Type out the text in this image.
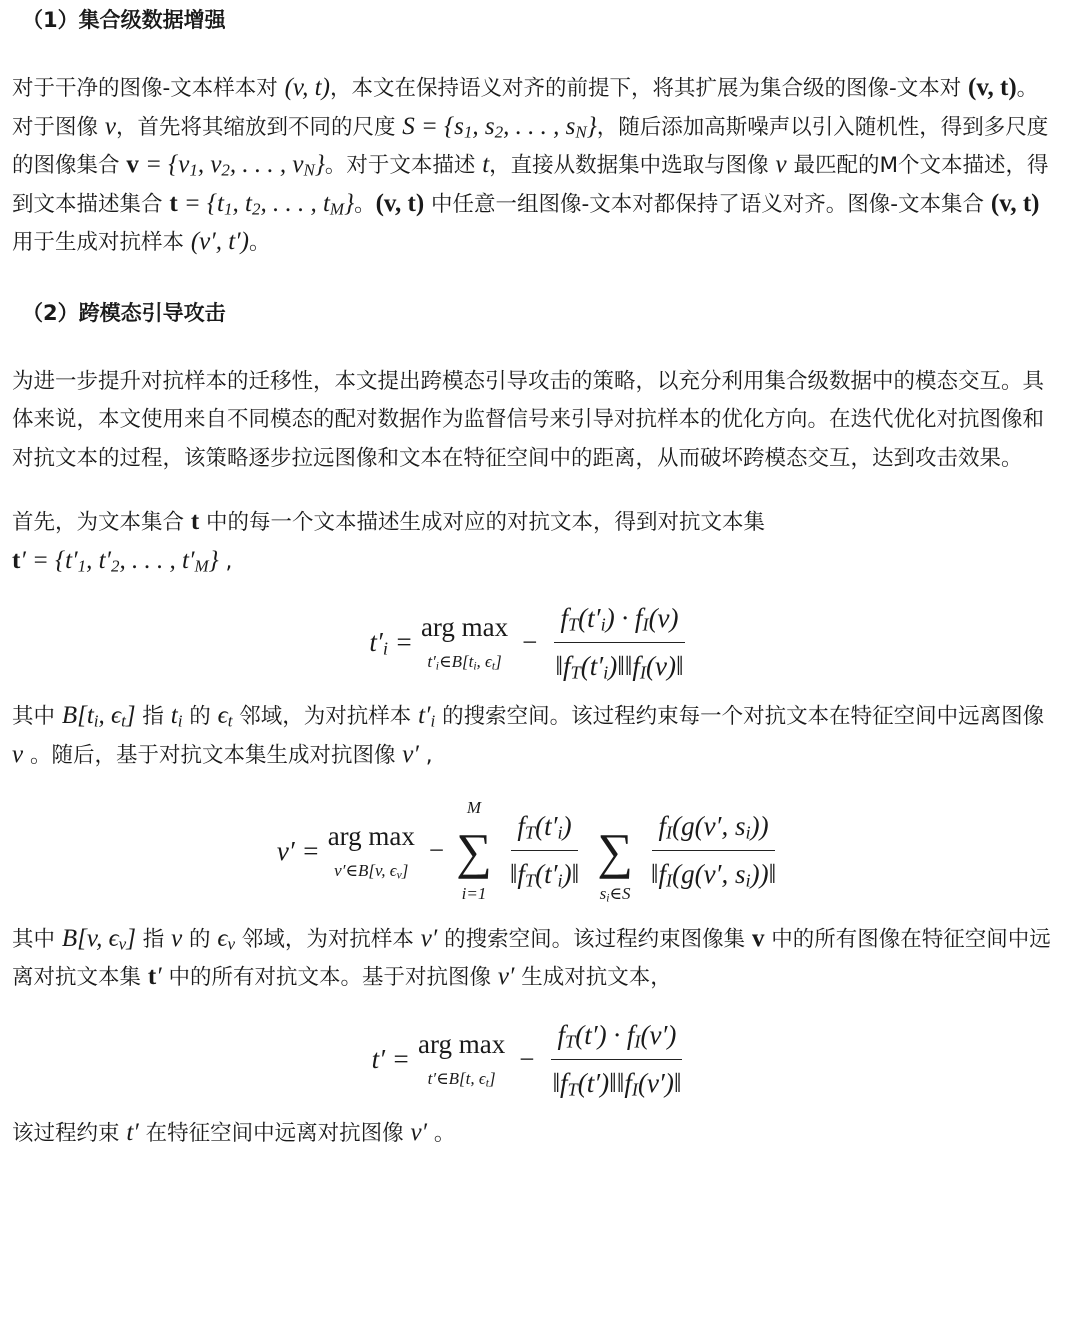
（1）集合级数据增强

对于干净的图像-文本样本对 (v, t)，本文在保持语义对齐的前提下，将其扩展为集合级的图像-文本对 (v, t)。对于图像 v，首先将其缩放到不同的尺度 $S = \{s_1$, $s_2$, . . . , $s_N$}，随后添加高斯噪声以引入随机性，得到多尺度的图像集合 $v = \{v_1$, $v_2$, . . . , $v_N$}。对于文本描述 t，直接从数据集中选取与图像 v 最匹配的M个文本描述，得到文本描述集合 $t = \{t_1$, $t_2$, . . . , $t_M$}。(v, t) 中任意一组图像-文本对都保持了语义对齐。图像-文本集合 (v, t) 用于生成对抗样本 (v′, t′)。

（2）跨模态引导攻击

为进一步提升对抗样本的迁移性，本文提出跨模态引导攻击的策略，以充分利用集合级数据中的模态交互。具体来说，本文使用来自不同模态的配对数据作为监督信号来引导对抗样本的优化方向。在迭代优化对抗图像和对抗文本的过程，该策略逐步拉远图像和文本在特征空间中的距离，从而破坏跨模态交互，达到攻击效果。

首先，为文本集合 t 中的每一个文本描述生成对应的对抗文本，得到对抗文本集
$t' = \{t'_1$, $t'_2$, . . . , $t'_M$} ,

$t'_i$ =
arg max
$t'_i\in B[t_i$, $\epsilon_t$]
− $\frac{f_T(t'_i) \cdot f_I(v)}{‖f_T(t'_i)‖‖f_I(v)‖}$

其中 $B[t_i$, $\epsilon_t$] 指 $t_i$ 的 $\epsilon_t$ 邻域，为对抗样本 $t'_i$ 的搜索空间。该过程约束每一个对抗文本在特征空间中远离图像 v 。随后，基于对抗文本集生成对抗图像 v′ ,

v′ =
arg max
v′∈B[v, $\epsilon_v$]
−
M
∑
i=1
$\frac{f_T(t'_i)}{‖f_T(t'_i)‖}$ ∑
$s_i\in S$
$\frac{f_I(g(v', s_i))}{‖f_I(g(v', s_i))‖}$

其中 B[v, $\epsilon_v$] 指 v 的 $\epsilon_v$ 邻域，为对抗样本 v′ 的搜索空间。该过程约束图像集 v 中的所有图像在特征空间中远离对抗文本集 t′ 中的所有对抗文本。基于对抗图像 v′ 生成对抗文本，

t′ =
arg max
t′∈B[t, $\epsilon_t$]
− $\frac{f_T(t') \cdot f_I(v')}{‖f_T(t')‖‖f_I(v')‖}$

该过程约束 t′ 在特征空间中远离对抗图像 v′ 。
